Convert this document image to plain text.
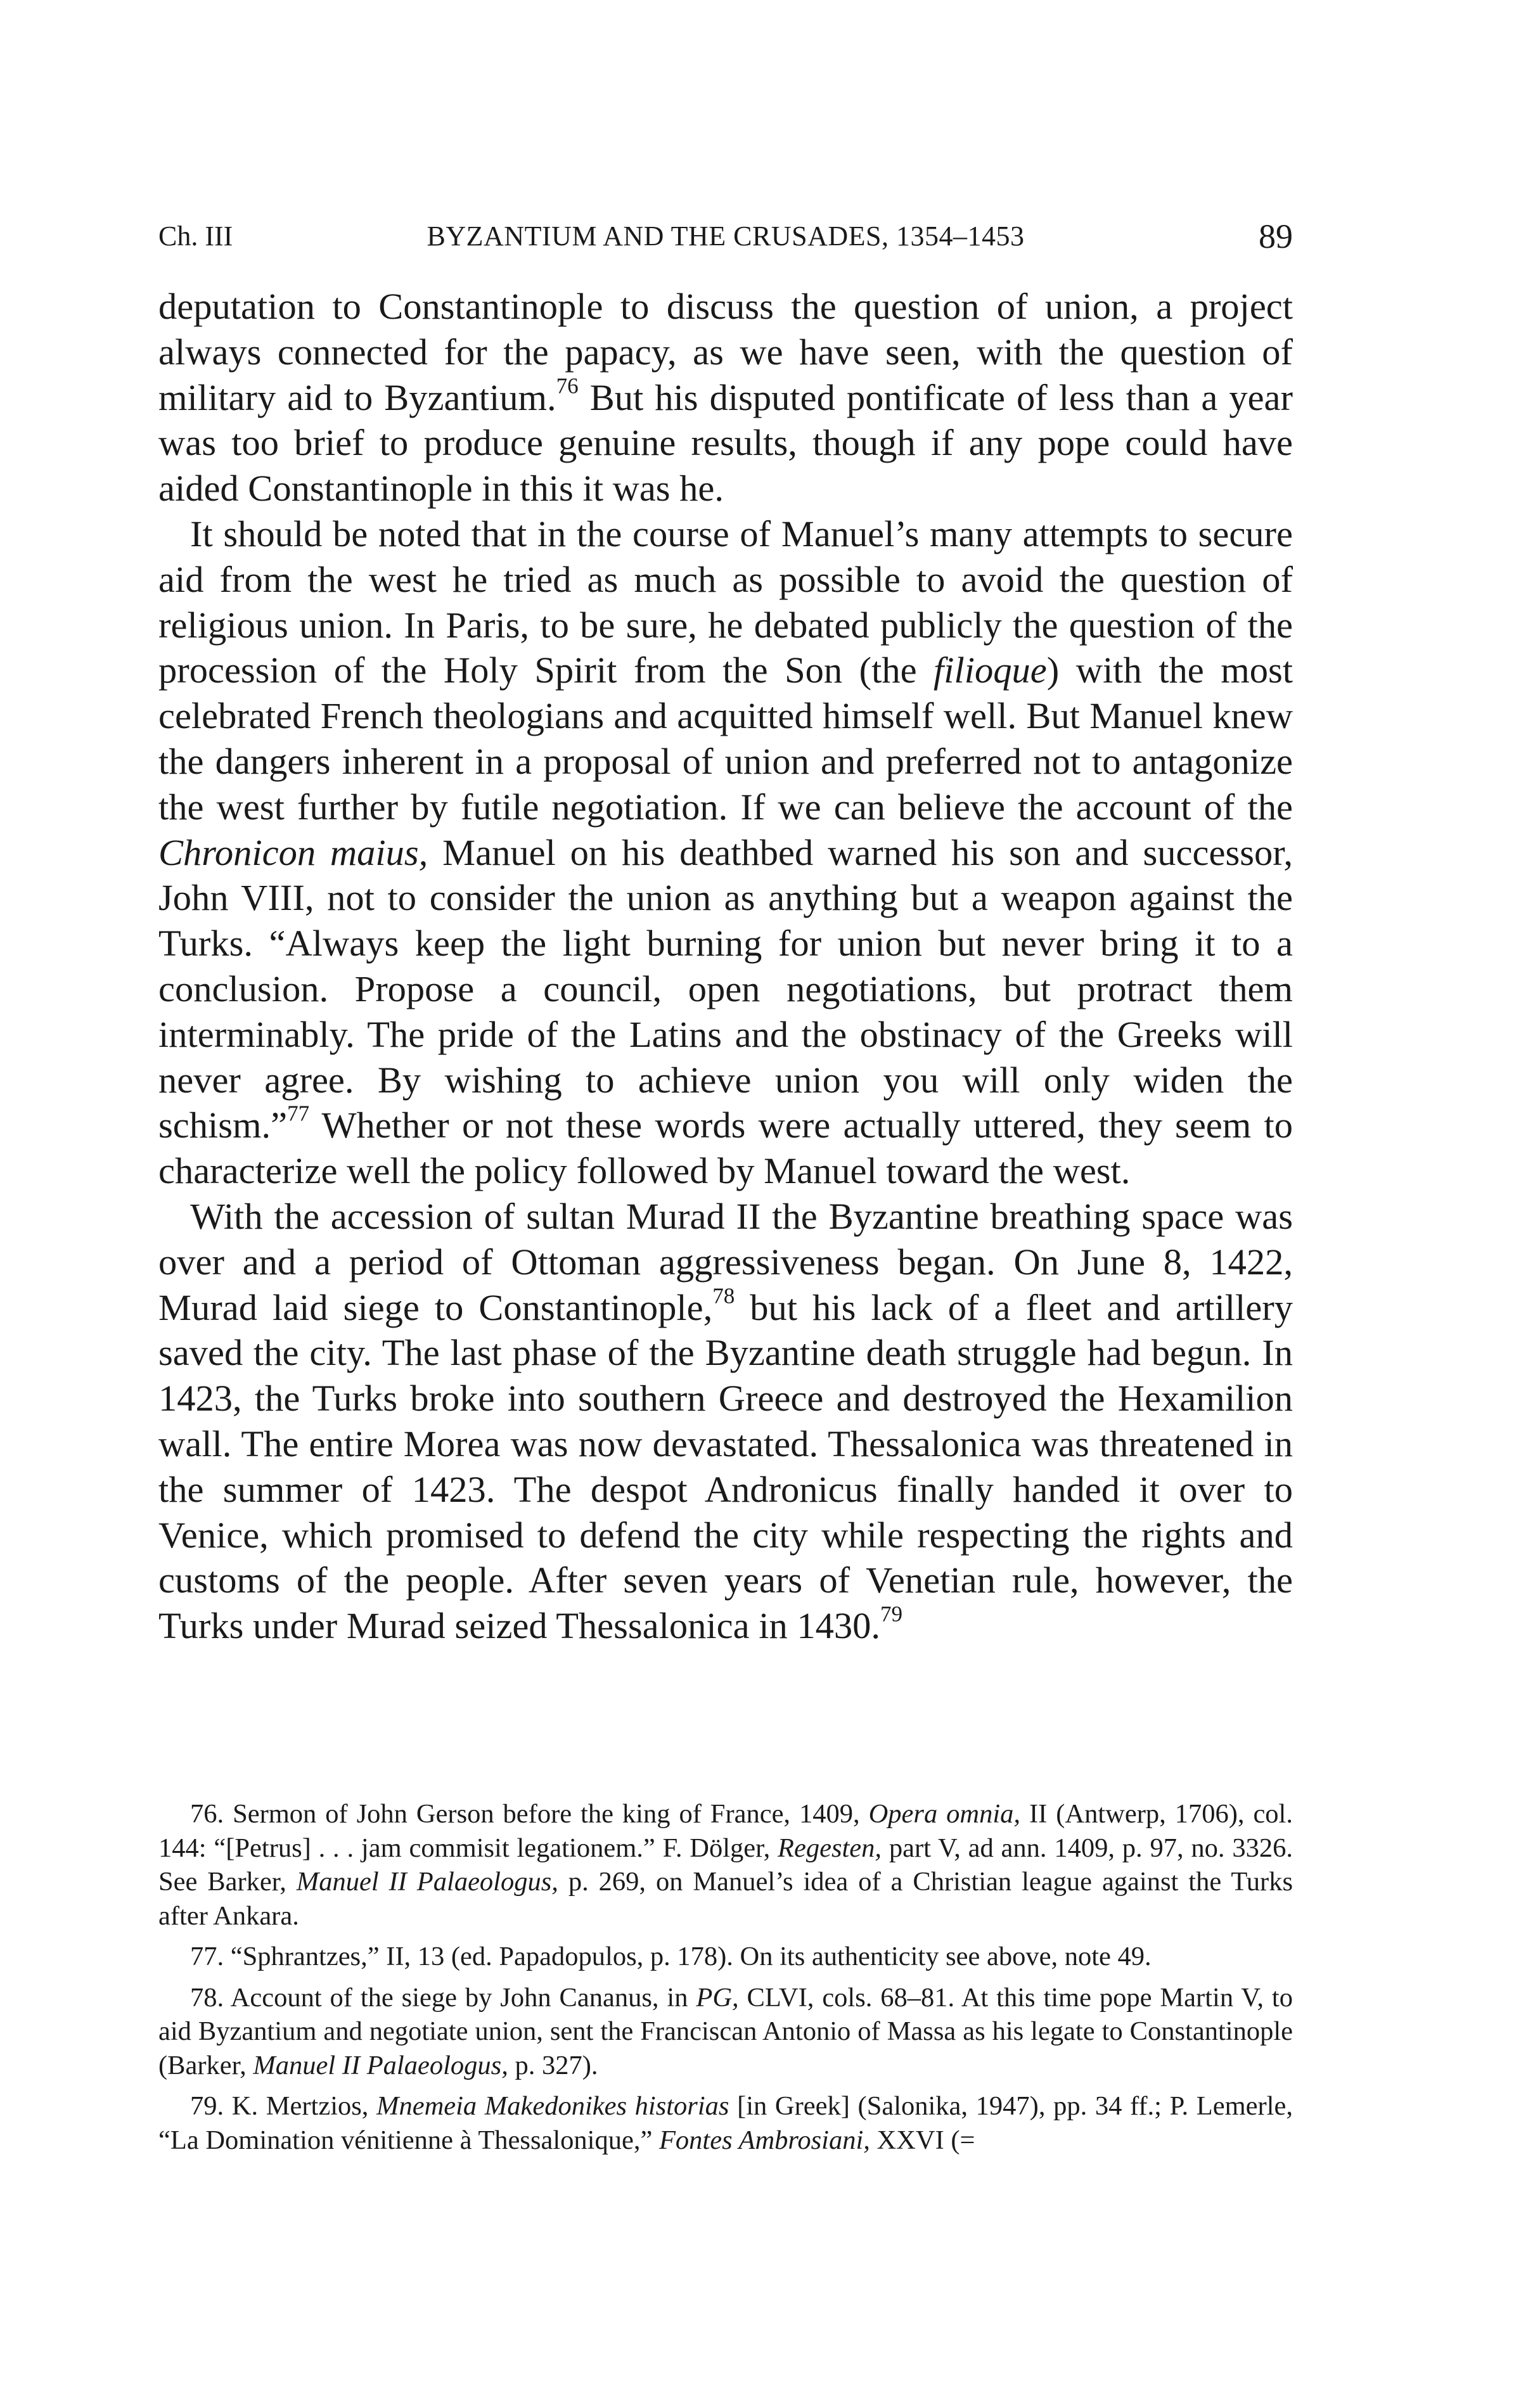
Ch. III	BYZANTIUM AND THE CRUSADES, 1354–1453	89

deputation to Constantinople to discuss the question of union, a project always connected for the papacy, as we have seen, with the question of military aid to Byzantium.$^{76}$ But his disputed pontificate of less than a year was too brief to produce genuine results, though if any pope could have aided Constantinople in this it was he.

It should be noted that in the course of Manuel’s many attempts to secure aid from the west he tried as much as possible to avoid the question of religious union. In Paris, to be sure, he debated publicly the question of the procession of the Holy Spirit from the Son (the filioque) with the most celebrated French theologians and acquitted himself well. But Manuel knew the dangers inherent in a proposal of union and preferred not to antagonize the west further by futile negotiation. If we can believe the account of the Chronicon maius, Manuel on his deathbed warned his son and successor, John VIII, not to consider the union as anything but a weapon against the Turks. “Always keep the light burning for union but never bring it to a conclusion. Propose a council, open negotiations, but protract them interminably. The pride of the Latins and the obstinacy of the Greeks will never agree. By wishing to achieve union you will only widen the schism.”$^{77}$ Whether or not these words were actually uttered, they seem to characterize well the policy followed by Manuel toward the west.

With the accession of sultan Murad II the Byzantine breathing space was over and a period of Ottoman aggressiveness began. On June 8, 1422, Murad laid siege to Constantinople,$^{78}$ but his lack of a fleet and artillery saved the city. The last phase of the Byzantine death struggle had begun. In 1423, the Turks broke into southern Greece and destroyed the Hexamilion wall. The entire Morea was now devastated. Thessalonica was threatened in the summer of 1423. The despot Andronicus finally handed it over to Venice, which promised to defend the city while respecting the rights and customs of the people. After seven years of Venetian rule, however, the Turks under Murad seized Thessalonica in 1430.79

76. Sermon of John Gerson before the king of France, 1409, Opera omnia, II (Antwerp, 1706), col. 144: “[Petrus] . . . jam commisit legationem.” F. Dölger, Regesten, part V, ad ann. 1409, p. 97, no. 3326. See Barker, Manuel II Palaeologus, p. 269, on Manuel’s idea of a Christian league against the Turks after Ankara.

77. “Sphrantzes,” II, 13 (ed. Papadopulos, p. 178). On its authenticity see above, note 49.

78. Account of the siege by John Cananus, in PG, CLVI, cols. 68–81. At this time pope Martin V, to aid Byzantium and negotiate union, sent the Franciscan Antonio of Massa as his legate to Constantinople (Barker, Manuel II Palaeologus, p. 327).

79. K. Mertzios, Mnemeia Makedonikes historias [in Greek] (Salonika, 1947), pp. 34 ff.; P. Lemerle, “La Domination vénitienne à Thessalonique,” Fontes Ambrosiani, XXVI (=
